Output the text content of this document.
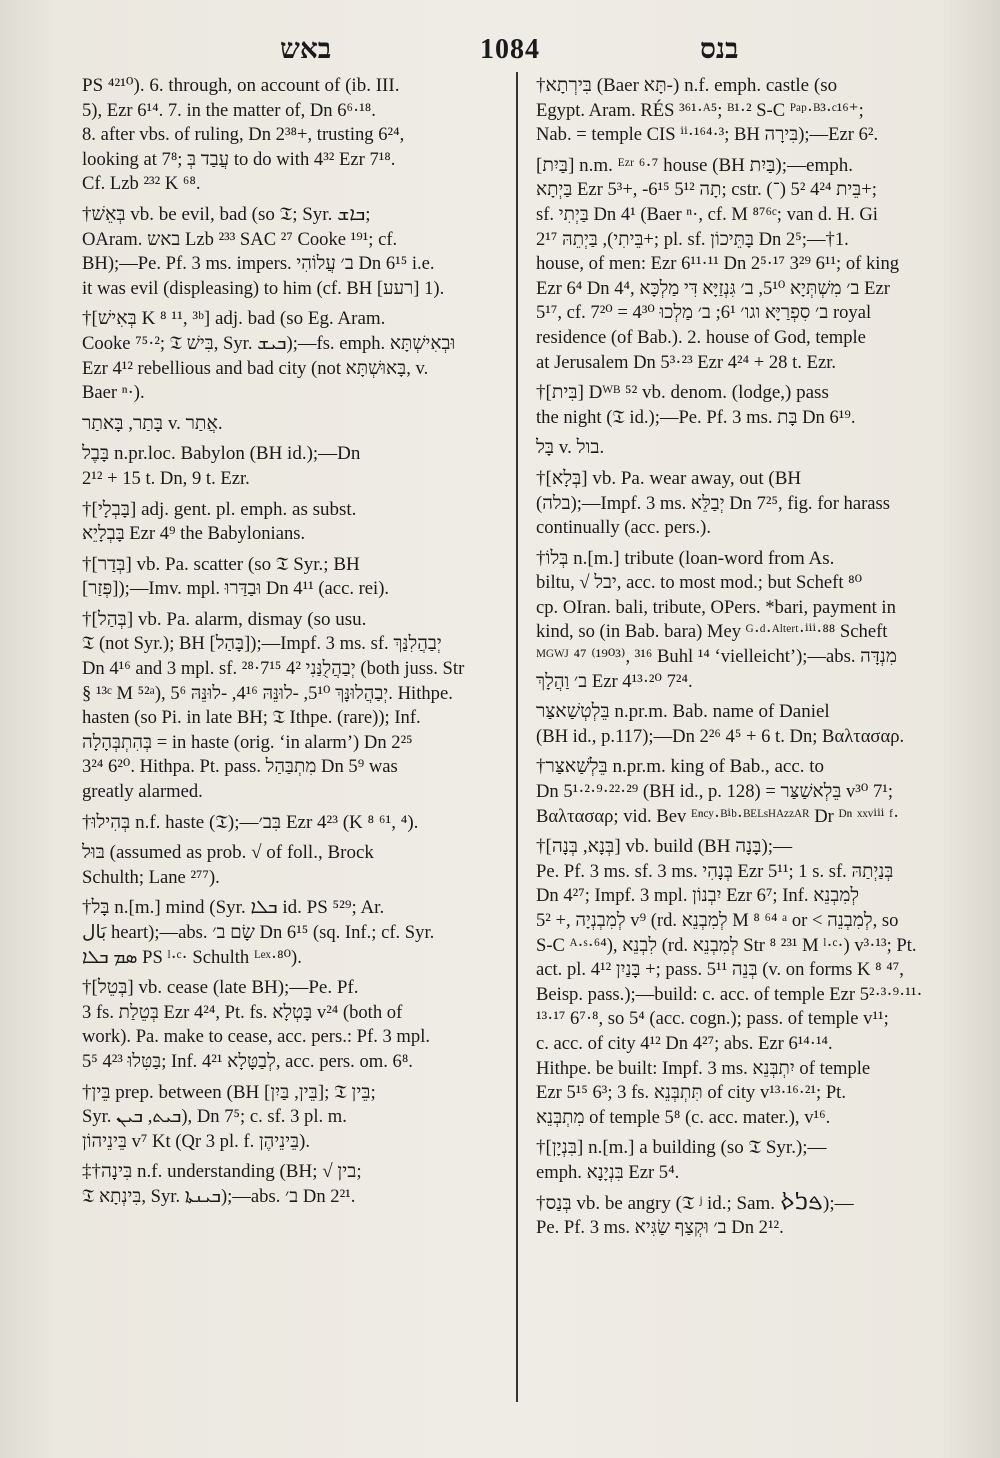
באש	1084	בנס

PS ⁴²¹⁰). 6. through, on account of (ib. III.
5), Ezr 6¹⁴. 7. in the matter of, Dn 6⁶·¹⁸.
8. after vbs. of ruling, Dn 2³⁸+, trusting 6²⁴,
looking at 7⁸; עֲבַד בְּ to do with 4³² Ezr 7¹⁸.
Cf. Lzb ²³² K ⁶⁸.

†בְּאֵשׁ vb. be evil, bad (so 𝔗; Syr. ܒܐܫ;
OAram. באש Lzb ²³³ SAC ²⁷ Cooke ¹⁹¹; cf.
BH);—Pe. Pf. 3 ms. impers. ב׳ עֲלוֹהִי Dn 6¹⁵ i.e.
it was evil (displeasing) to him (cf. BH [רעע] 1).

†[בְּאִישׁ K ⁸ ¹¹, ³ᵇ] adj. bad (so Eg. Aram.
Cooke ⁷⁵·²; 𝔗 בִּישׁ, Syr. ܒܝܫ);—fs. emph. וּבְאִישְׁתָּא
Ezr 4¹² rebellious and bad city (not בָּאוּשְׁתָּא, v.
Baer ⁿ·).

בָּתַר, בָּאתַר v. אֲתַר.

בָּבֶל n.pr.loc. Babylon (BH id.);—Dn
2¹² + 15 t. Dn, 9 t. Ezr.

†[בָּבְלָי] adj. gent. pl. emph. as subst.
בָּבְלָיֵא Ezr 4⁹ the Babylonians.

†[בְּדַר] vb. Pa. scatter (so 𝔗 Syr.; BH
[פְּזַר]);—Imv. mpl. וּבַדַּרוּ Dn 4¹¹ (acc. rei).

†[בְּהַל] vb. Pa. alarm, dismay (so usu.
𝔗 (not Syr.); BH [בָּהַל]);—Impf. 3 ms. sf. יְבַהֲלִנַּךְ
Dn 4¹⁶ and 3 mpl. sf. יְבַהֲלֻנַּנִי 4² 7¹⁵·²⁸ (both juss. Str
§ ¹³ᶜ M ⁵²ᵃ), יְבַהֲלוּנָּךְ 5¹⁰, -לוּנֵּהּ 4¹⁶, -לוּנֵּהּ 5⁶. Hithpe.
hasten (so Pi. in late BH; 𝔗 Ithpe. (rare)); Inf.
בְּהִתְבְּהָלָה = in haste (orig. ‘in alarm’) Dn 2²⁵
3²⁴ 6²⁰. Hithpa. Pt. pass. מִתְבַּהַל Dn 5⁹ was
greatly alarmed.

†בְּהִילוּ n.f. haste (𝔗);—בִּב׳ Ezr 4²³ (K ⁸ ⁶¹, ⁴).

בּוּל (assumed as prob. √ of foll., Brock
Schulth; Lane ²⁷⁷).

†בָּל n.[m.] mind (Syr. ܒܠܐ id. PS ⁵²⁹; Ar.
بَال heart);—abs. שָׂם ב׳ Dn 6¹⁵ (sq. Inf.; cf. Syr.
ܣܡ ܒܠܐ PS ˡ·ᶜ· Schulth ᴸᵉˣ·⁸⁰).

†[בְּטֵל] vb. cease (late BH);—Pe. Pf.
3 fs. בְּטֵלַת Ezr 4²⁴, Pt. fs. בָּטְלָא v²⁴ (both of
work). Pa. make to cease, acc. pers.: Pf. 3 mpl.
בַּטִּלוּ 4²³ 5⁵; Inf. לְבַטָּלָא 4²¹, acc. pers. om. 6⁸.

†בֵּין prep. between (BH [בֵּין, בַּיִן]; 𝔗 בֵּין;
Syr. ܒܝܬ, ܒܝܢ), Dn 7⁵; c. sf. 3 pl. m.
בֵּינֵיהוֹן v⁷ Kt (Qr 3 pl. f. בֵּינֵיהֶן).

‡†בִּינָה n.f. understanding (BH; √ בין;
𝔗 בִּינְתָא, Syr. ܒܝܢܬܐ);—abs. ב׳ Dn 2²¹.

†בִּירְתָא (Baer תָּא-) n.f. emph. castle (so
Egypt. Aram. RÉS ³⁶¹·ᴬ⁵; ᴮ¹·² S-C ᴾᵃᵖ·ᴮ³·ᶜ¹⁶⁺;
Nab. = temple CIS ⁱⁱ·¹⁶⁴·³; BH בִּירָה);—Ezr 6².

[בַּיִת] n.m. ᴱᶻʳ ⁶·⁷ house (BH בַּיִת);—emph.
בַּיְתָא Ezr 5³+, -תָה 5¹² 6¹⁵; cstr. (־) בֵּית 4²⁴ 5²+;
sf. בַּיְתִי Dn 4¹ (Baer ⁿ·, cf. M ⁸⁷⁶ᶜ; van d. H. Gi
בֵּיתִי), בַּיְתֵהּ 2¹⁷+; pl. sf. בָּתֵּיכוֹן Dn 2⁵;—†1.
house, of men: Ezr 6¹¹·¹¹ Dn 2⁵·¹⁷ 3²⁹ 6¹¹; of king
Ezr 6⁴ Dn 4⁴, ב׳ מִשְׁתְּיָא 5¹⁰, ב׳ גִּנְזַיָּא דִּי מַלְכָּא Ezr
5¹⁷, cf. 7²⁰ = ב׳ סִפְרַיָּא וגו׳ 6¹; ב׳ מַלְכוּ 4³⁰ royal
residence (of Bab.). 2. house of God, temple
at Jerusalem Dn 5³·²³ Ezr 4²⁴ + 28 t. Ezr.

†[בִּית] Dᵂᴮ ⁵² vb. denom. (lodge,) pass
the night (𝔗 id.);—Pe. Pf. 3 ms. בָּת Dn 6¹⁹.

בָּל v. בול.

†[בְּלָא] vb. Pa. wear away, out (BH
(בלה);—Impf. 3 ms. יְבַלֵּא Dn 7²⁵, fig. for harass
continually (acc. pers.).

†בְּלוֹ n.[m.] tribute (loan-word from As.
biltu, √ יבל, acc. to most mod.; but Scheft ⁸⁰
cp. OIran. bali, tribute, OPers. *bari, payment in
kind, so (in Bab. bara) Mey ᴳ·ᵈ·ᴬˡᵗᵉʳᵗ·ⁱⁱⁱ·⁸⁸ Scheft
ᴹᴳᵂᴶ ⁴⁷ ⁽¹⁹⁰³⁾, ³¹⁶ Buhl ¹⁴ ‘vielleicht’);—abs. מִנְדָּה
ב׳ וַהֲלָךְ Ezr 4¹³·²⁰ 7²⁴.

בֵּלְטְשַׁאצַּר n.pr.m. Bab. name of Daniel
(BH id., p.117);—Dn 2²⁶ 4⁵ + 6 t. Dn; Βαλτασαρ.

†בֵּלְשַׁאצַּר n.pr.m. king of Bab., acc. to
Dn 5¹·²·⁹·²²·²⁹ (BH id., p. 128) = בֵּלְאשַׁצַּר v³⁰ 7¹;
Βαλτασαρ; vid. Bev ᴱⁿᶜʸ·ᴮⁱᵇ·ᴮᴱᴸˢᴴᴬᶻᶻᴬᴿ Dr ᴰⁿ ˣˣᵛⁱⁱⁱ ᶠ·

†[בְּנָא, בְּנָה] vb. build (BH בָּנָה);—
Pe. Pf. 3 ms. sf. 3 ms. בְּנָהִי Ezr 5¹¹; 1 s. sf. בְּנַיְתַהּ
Dn 4²⁷; Impf. 3 mpl. יִבְנוֹן Ezr 6⁷; Inf. לְמִבְנֵא
5² +, לְמִבְנְיָה v⁹ (rd. לְמִבְנֵא M ⁸ ⁶⁴ ᵃ or < לְמִבְנֵה, so
S-C ᴬ·ˢ·⁶⁴), לִבְנֵא (rd. לְמִבְנֵא Str ⁸ ²³¹ M ˡ·ᶜ·) v³·¹³; Pt.
act. pl. בָּנַיִן 4¹² +; pass. בְּנֵה 5¹¹ (v. on forms K ⁸ ⁴⁷,
Beisp. pass.);—build: c. acc. of temple Ezr 5²·³·⁹·¹¹·
¹³·¹⁷ 6⁷·⁸, so 5⁴ (acc. cogn.); pass. of temple v¹¹;
c. acc. of city 4¹² Dn 4²⁷; abs. Ezr 6¹⁴·¹⁴.
Hithpe. be built: Impf. 3 ms. יִתְבְּנֵא of temple
Ezr 5¹⁵ 6³; 3 fs. תִּתְבְּנֵא of city v¹³·¹⁶·²¹; Pt.
מִתְבְּנֵא of temple 5⁸ (c. acc. mater.), v¹⁶.

†[בִּנְיָן] n.[m.] a building (so 𝔗 Syr.);—
emph. בִּנְיָנָא Ezr 5⁴.

†בְּנַס vb. be angry (𝔗 ʲ id.; Sam. ࠁࠍࠎ);—
Pe. Pf. 3 ms. ב׳ וּקְצַף שַׂגִּיא Dn 2¹².
